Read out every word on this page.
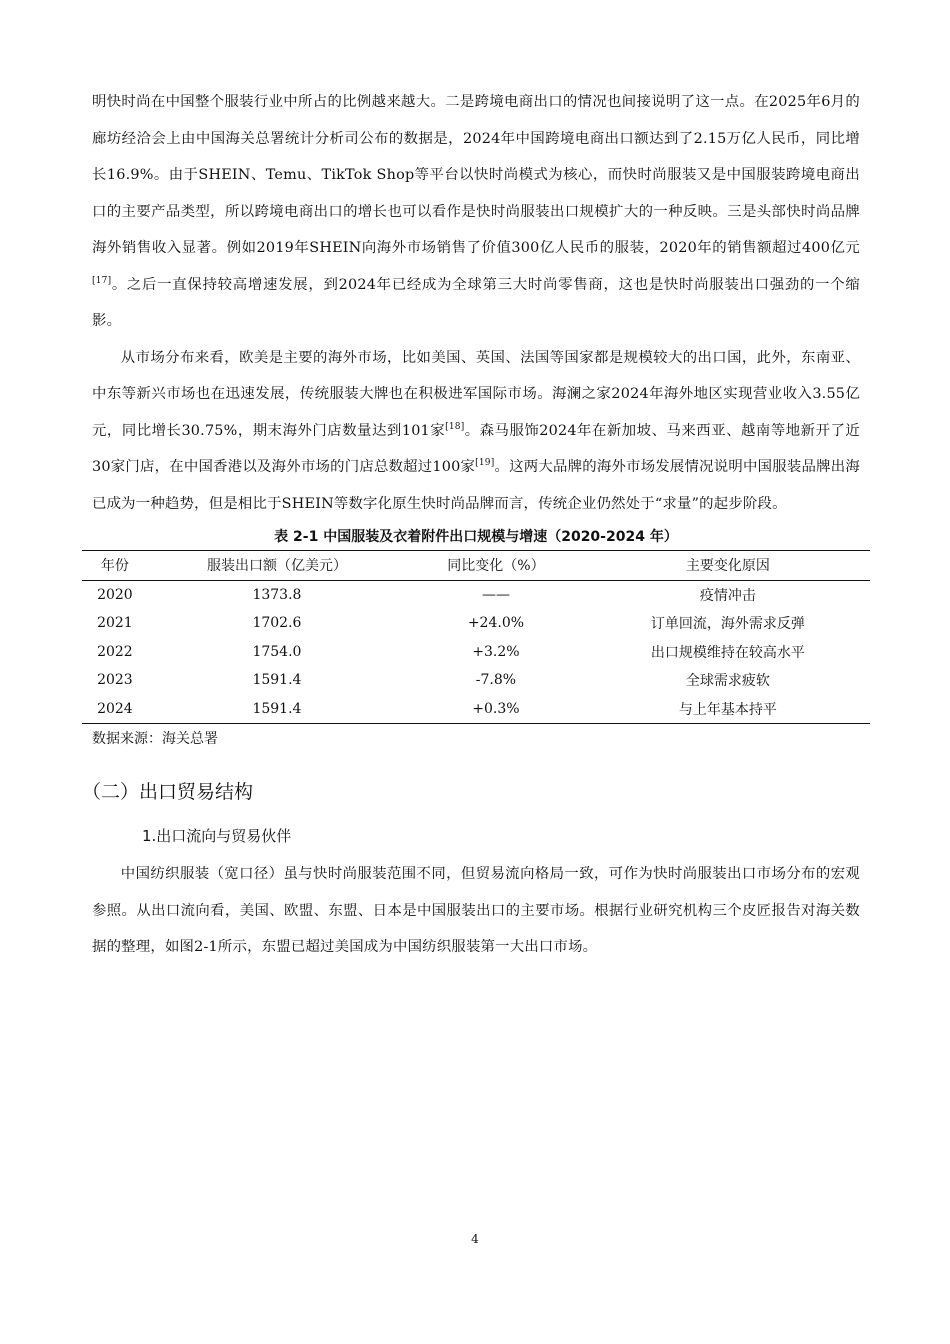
明快时尚在中国整个服装行业中所占的比例越来越大。二是跨境电商出口的情况也间接说明了这一点。在2025年6月的廊坊经洽会上由中国海关总署统计分析司公布的数据是，2024年中国跨境电商出口额达到了2.15万亿人民币，同比增长16.9%。由于SHEIN、Temu、TikTok Shop等平台以快时尚模式为核心，而快时尚服装又是中国服装跨境电商出口的主要产品类型，所以跨境电商出口的增长也可以看作是快时尚服装出口规模扩大的一种反映。三是头部快时尚品牌海外销售收入显著。例如2019年SHEIN向海外市场销售了价值300亿人民币的服装，2020年的销售额超过400亿元[17]。之后一直保持较高增速发展，到2024年已经成为全球第三大时尚零售商，这也是快时尚服装出口强劲的一个缩影。

从市场分布来看，欧美是主要的海外市场，比如美国、英国、法国等国家都是规模较大的出口国，此外，东南亚、中东等新兴市场也在迅速发展，传统服装大牌也在积极进军国际市场。海澜之家2024年海外地区实现营业收入3.55亿元，同比增长30.75%，期末海外门店数量达到101家[18]。森马服饰2024年在新加坡、马来西亚、越南等地新开了近30家门店，在中国香港以及海外市场的门店总数超过100家[19]。这两大品牌的海外市场发展情况说明中国服装品牌出海已成为一种趋势，但是相比于SHEIN等数字化原生快时尚品牌而言，传统企业仍然处于“求量”的起步阶段。

表 2-1 中国服装及衣着附件出口规模与增速（2020-2024 年）

年份	服装出口额（亿美元）	同比变化（%）	主要变化原因
2020	1373.8	——	疫情冲击
2021	1702.6	+24.0%	订单回流，海外需求反弹
2022	1754.0	+3.2%	出口规模维持在较高水平
2023	1591.4	-7.8%	全球需求疲软
2024	1591.4	+0.3%	与上年基本持平

数据来源：海关总署

（二）出口贸易结构
1.出口流向与贸易伙伴

中国纺织服装（宽口径）虽与快时尚服装范围不同，但贸易流向格局一致，可作为快时尚服装出口市场分布的宏观参照。从出口流向看，美国、欧盟、东盟、日本是中国服装出口的主要市场。根据行业研究机构三个皮匠报告对海关数据的整理，如图2-1所示，东盟已超过美国成为中国纺织服装第一大出口市场。

4
